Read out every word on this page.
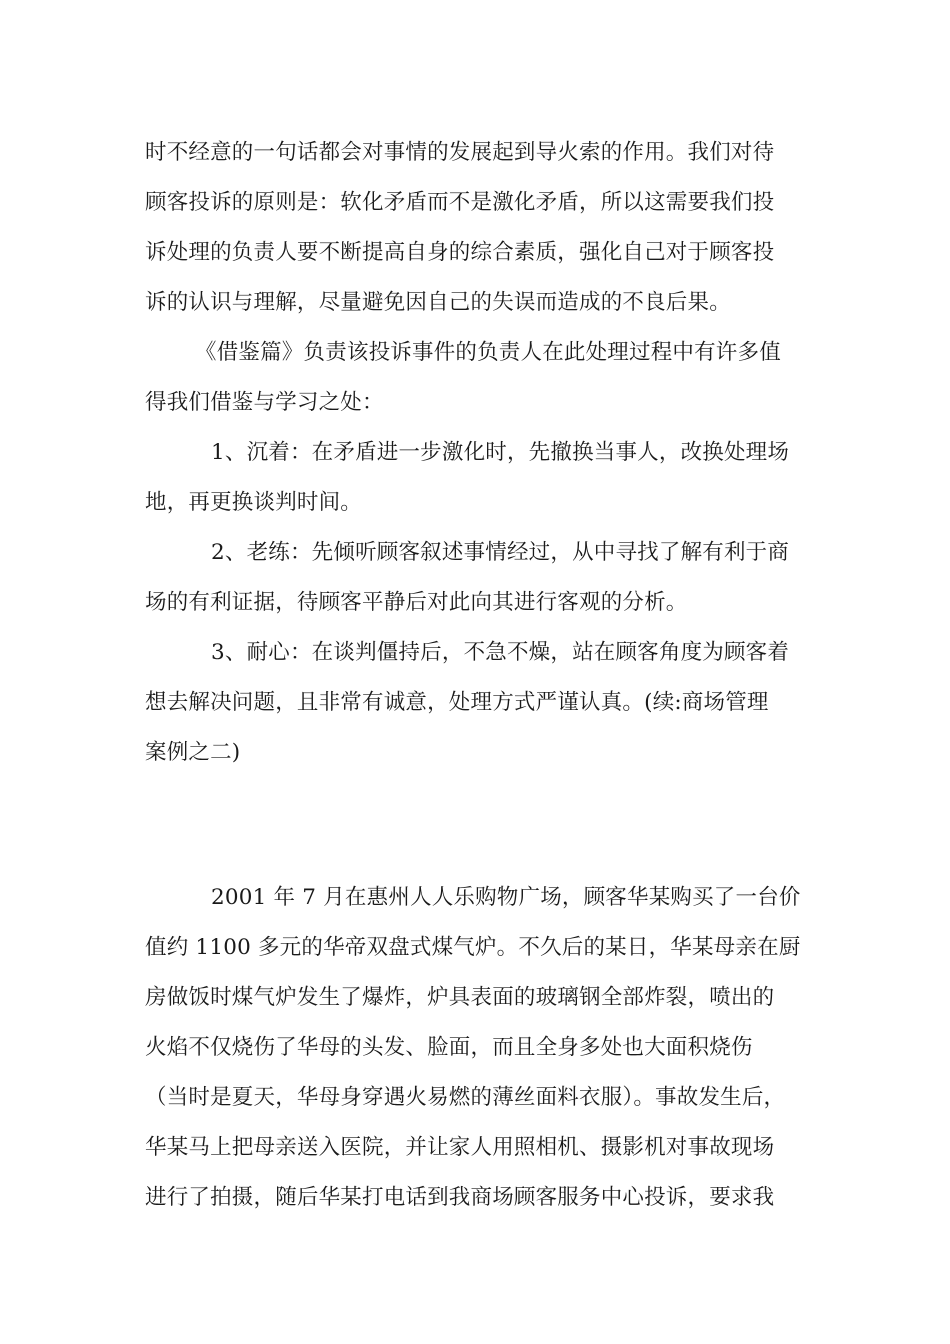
时不经意的一句话都会对事情的发展起到导火索的作用。我们对待
顾客投诉的原则是：软化矛盾而不是激化矛盾，所以这需要我们投
诉处理的负责人要不断提高自身的综合素质，强化自己对于顾客投
诉的认识与理解，尽量避免因自己的失误而造成的不良后果。
《借鉴篇》负责该投诉事件的负责人在此处理过程中有许多值
得我们借鉴与学习之处：
1、沉着：在矛盾进一步激化时，先撤换当事人，改换处理场
地，再更换谈判时间。
2、老练：先倾听顾客叙述事情经过，从中寻找了解有利于商
场的有利证据，待顾客平静后对此向其进行客观的分析。
3、耐心：在谈判僵持后，不急不燥，站在顾客角度为顾客着
想去解决问题，且非常有诚意，处理方式严谨认真。(续:商场管理
案例之二)
2001 年 7 月在惠州人人乐购物广场，顾客华某购买了一台价
值约 1100 多元的华帝双盘式煤气炉。不久后的某日，华某母亲在厨
房做饭时煤气炉发生了爆炸，炉具表面的玻璃钢全部炸裂，喷出的
火焰不仅烧伤了华母的头发、脸面，而且全身多处也大面积烧伤
（当时是夏天，华母身穿遇火易燃的薄丝面料衣服）。事故发生后，
华某马上把母亲送入医院，并让家人用照相机、摄影机对事故现场
进行了拍摄，随后华某打电话到我商场顾客服务中心投诉，要求我
